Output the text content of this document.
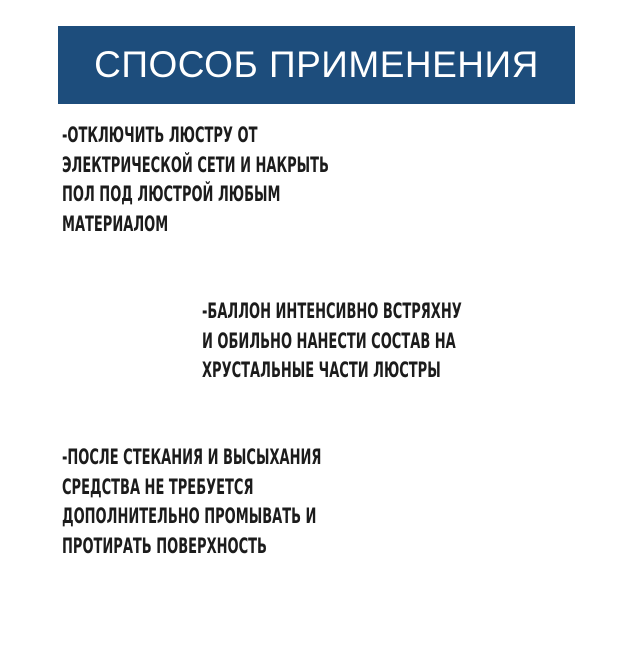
СПОСОБ ПРИМЕНЕНИЯ

-ОТКЛЮЧИТЬ ЛЮСТРУ ОТ
ЭЛЕКТРИЧЕСКОЙ СЕТИ И НАКРЫТЬ
ПОЛ ПОД ЛЮСТРОЙ ЛЮБЫМ
МАТЕРИАЛОМ

-БАЛЛОН ИНТЕНСИВНО ВСТРЯХНУ
И ОБИЛЬНО НАНЕСТИ СОСТАВ НА
ХРУСТАЛЬНЫЕ ЧАСТИ ЛЮСТРЫ

-ПОСЛЕ СТЕКАНИЯ И ВЫСЫХАНИЯ
СРЕДСТВА НЕ ТРЕБУЕТСЯ
ДОПОЛНИТЕЛЬНО ПРОМЫВАТЬ И
ПРОТИРАТЬ ПОВЕРХНОСТЬ
